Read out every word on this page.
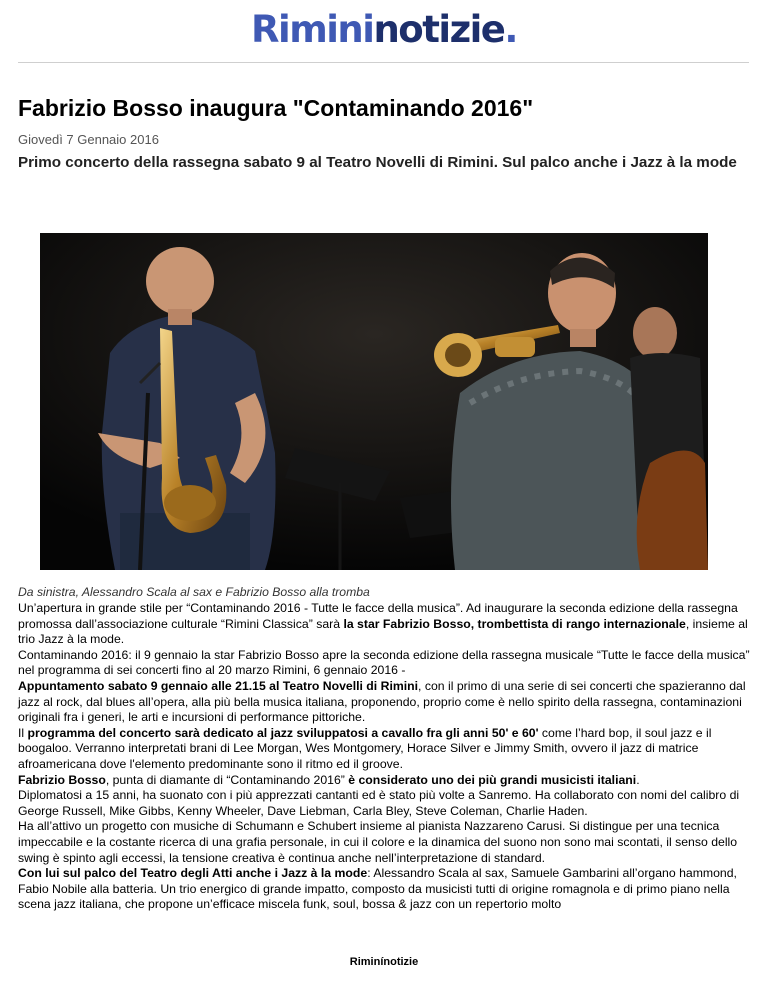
Rimininotizie.
Fabrizio Bosso inaugura "Contaminando 2016"
Giovedì 7 Gennaio 2016
Primo concerto della rassegna sabato 9 al Teatro Novelli di Rimini. Sul palco anche i Jazz à la mode
Da sinistra, Alessandro Scala al sax e Fabrizio Bosso alla tromba

Un’apertura in grande stile per “Contaminando 2016 - Tutte le facce della musica”. Ad inaugurare la seconda edizione della rassegna promossa dall’associazione culturale “Rimini Classica” sarà la star Fabrizio Bosso, trombettista di rango internazionale, insieme al trio Jazz à la mode.

Contaminando 2016: il 9 gennaio la star Fabrizio Bosso apre la seconda edizione della rassegna musicale “Tutte le facce della musica” nel programma di sei concerti fino al 20 marzo Rimini, 6 gennaio 2016 -

Appuntamento sabato 9 gennaio alle 21.15 al Teatro Novelli di Rimini, con il primo di una serie di sei concerti che spazieranno dal jazz al rock, dal blues all’opera, alla più bella musica italiana, proponendo, proprio come è nello spirito della rassegna, contaminazioni originali fra i generi, le arti e incursioni di performance pittoriche.

Il programma del concerto sarà dedicato al jazz sviluppatosi a cavallo fra gli anni 50' e 60' come l’hard bop, il soul jazz e il boogaloo. Verranno interpretati brani di Lee Morgan, Wes Montgomery, Horace Silver e Jimmy Smith, ovvero il jazz di matrice afroamericana dove l'elemento predominante sono il ritmo ed il groove.

Fabrizio Bosso, punta di diamante di “Contaminando 2016” è considerato uno dei più grandi musicisti italiani.

Diplomatosi a 15 anni, ha suonato con i più apprezzati cantanti ed è stato più volte a Sanremo. Ha collaborato con nomi del calibro di George Russell, Mike Gibbs, Kenny Wheeler, Dave Liebman, Carla Bley, Steve Coleman, Charlie Haden.

Ha all’attivo un progetto con musiche di Schumann e Schubert insieme al pianista Nazzareno Carusi. Si distingue per una tecnica impeccabile e la costante ricerca di una grafia personale, in cui il colore e la dinamica del suono non sono mai scontati, il senso dello swing è spinto agli eccessi, la tensione creativa è continua anche nell’interpretazione di standard.

Con lui sul palco del Teatro degli Atti anche i Jazz à la mode: Alessandro Scala al sax, Samuele Gambarini all’organo hammond, Fabio Nobile alla batteria. Un trio energico di grande impatto, composto da musicisti tutti di origine romagnola e di primo piano nella scena jazz italiana, che propone un’efficace miscela funk, soul, bossa & jazz con un repertorio molto

Riminínotizie
